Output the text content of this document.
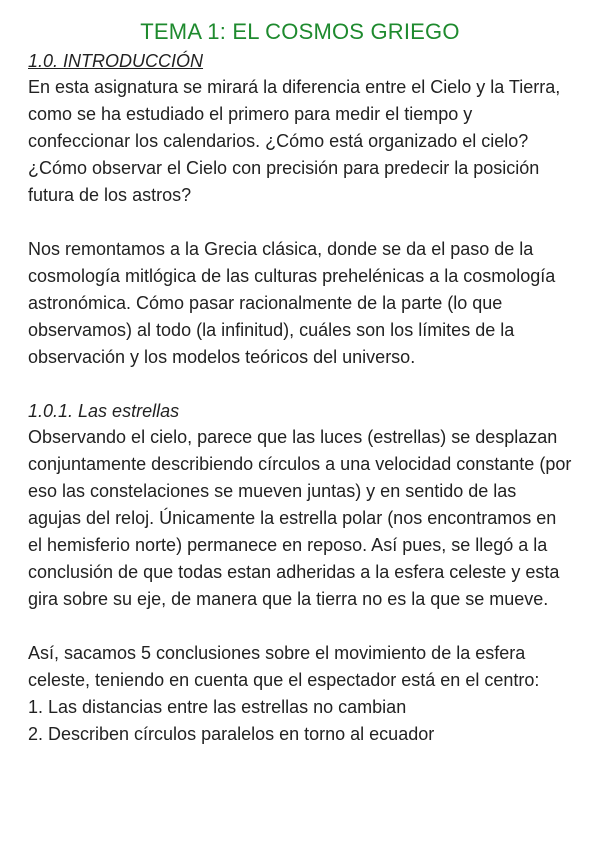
TEMA 1: EL COSMOS GRIEGO
1.0. INTRODUCCIÓN

En esta asignatura se mirará la diferencia entre el Cielo y la Tierra, como se ha estudiado el primero para medir el tiempo y confeccionar los calendarios. ¿Cómo está organizado el cielo? ¿Cómo observar el Cielo con precisión para predecir la posición futura de los astros?

Nos remontamos a la Grecia clásica, donde se da el paso de la cosmología mitlógica de las culturas prehelénicas a la cosmología astronómica. Cómo pasar racionalmente de la parte (lo que observamos) al todo (la infinitud), cuáles son los límites de la observación y los modelos teóricos del universo.

1.0.1. Las estrellas

Observando el cielo, parece que las luces (estrellas) se desplazan conjuntamente describiendo círculos a una velocidad constante (por eso las constelaciones se mueven juntas) y en sentido de las agujas del reloj. Únicamente la estrella polar (nos encontramos en el hemisferio norte) permanece en reposo. Así pues, se llegó a la conclusión de que todas estan adheridas a la esfera celeste y esta gira sobre su eje, de manera que la tierra no es la que se mueve.

Así, sacamos 5 conclusiones sobre el movimiento de la esfera celeste, teniendo en cuenta que el espectador está en el centro:

1. Las distancias entre las estrellas no cambian
2. Describen círculos paralelos en torno al ecuador
